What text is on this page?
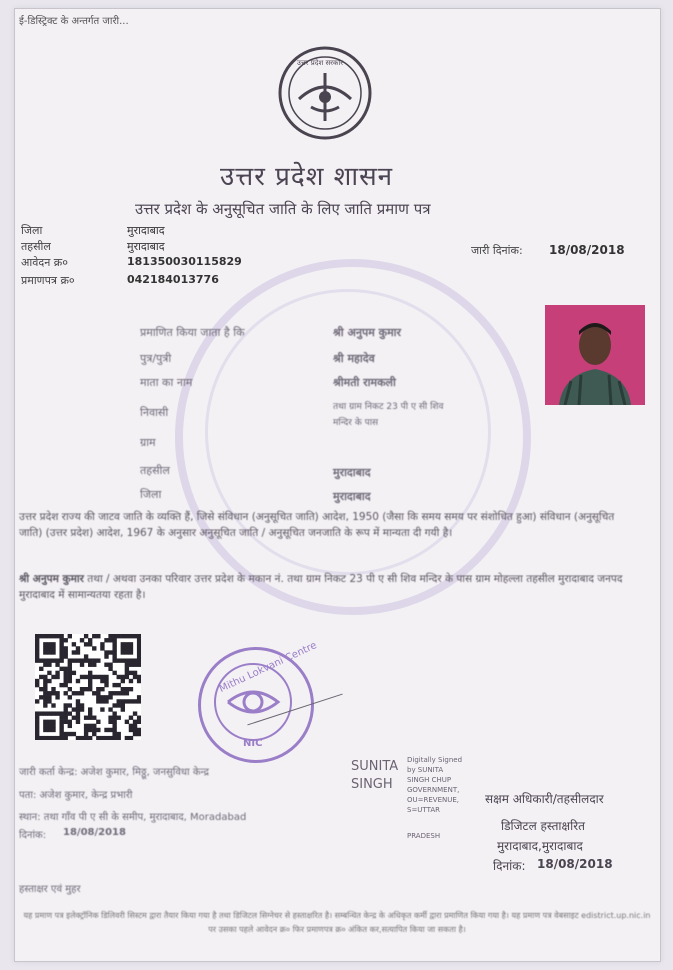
ई-डिस्ट्रिक्ट के अन्तर्गत जारी...
उत्तर प्रदेश सरकार
उत्तर प्रदेश शासन
उत्तर प्रदेश के अनुसूचित जाति के लिए जाति प्रमाण पत्र
जिला	मुरादाबाद
तहसील	मुरादाबाद
आवेदन क्र०	181350030115829
प्रमाणपत्र क्र०	042184013776
जारी दिनांक: 18/08/2018
प्रमाणित किया जाता है कि	श्री अनुपम कुमार
पुत्र/पुत्री	श्री महादेव
माता का नाम	श्रीमती रामकली
निवासी	तथा ग्राम निकट 23 पी ए सी शिव
मन्दिर के पास
ग्राम
तहसील	मुरादाबाद
जिला	मुरादाबाद
उत्तर प्रदेश राज्य की जाटव जाति के व्यक्ति हैं, जिसे संविधान (अनुसूचित जाति) आदेश, 1950 (जैसा कि समय समय पर संशोधित हुआ) संविधान (अनुसूचित जाति) (उत्तर प्रदेश) आदेश, 1967 के अनुसार अनुसूचित जाति / अनुसूचित जनजाति के रूप में मान्यता दी गयी है।
श्री अनुपम कुमार तथा / अथवा उनका परिवार उत्तर प्रदेश के मकान नं. तथा ग्राम निकट 23 पी ए सी शिव मन्दिर के पास ग्राम मोहल्ला तहसील मुरादाबाद जनपद मुरादाबाद में सामान्यतया रहता है।
Mithu Lokvani Centre
NIC
जारी कर्ता केन्द्र: अजेश कुमार, मिठ्ठू, जनसुविधा केन्द्र
पता: अजेश कुमार, केन्द्र प्रभारी
स्थान: तथा गाँव पी ए सी के समीप, मुरादाबाद, Moradabad
दिनांक: 18/08/2018
SUNITA
SINGH
Digitally Signed
by SUNITA
SINGH CHUP
GOVERNMENT,
OU=REVENUE,
S=UTTAR
PRADESH
सक्षम अधिकारी/तहसीलदार
डिजिटल हस्ताक्षरित
मुरादाबाद,मुरादाबाद
दिनांक: 18/08/2018
हस्ताक्षर एवं मुहर
यह प्रमाण पत्र इलेक्ट्रॉनिक डिलिवरी सिस्टम द्वारा तैयार किया गया है तथा डिजिटल सिग्नेचर से हस्ताक्षरित है। सम्बन्धित केन्द्र के अधिकृत कर्मी द्वारा प्रमाणित किया गया है। यह प्रमाण पत्र वेबसाइट edistrict.up.nic.in पर उसका पहले आवेदन क्र० फिर प्रमाणपत्र क्र० अंकित कर,सत्यापित किया जा सकता है।
